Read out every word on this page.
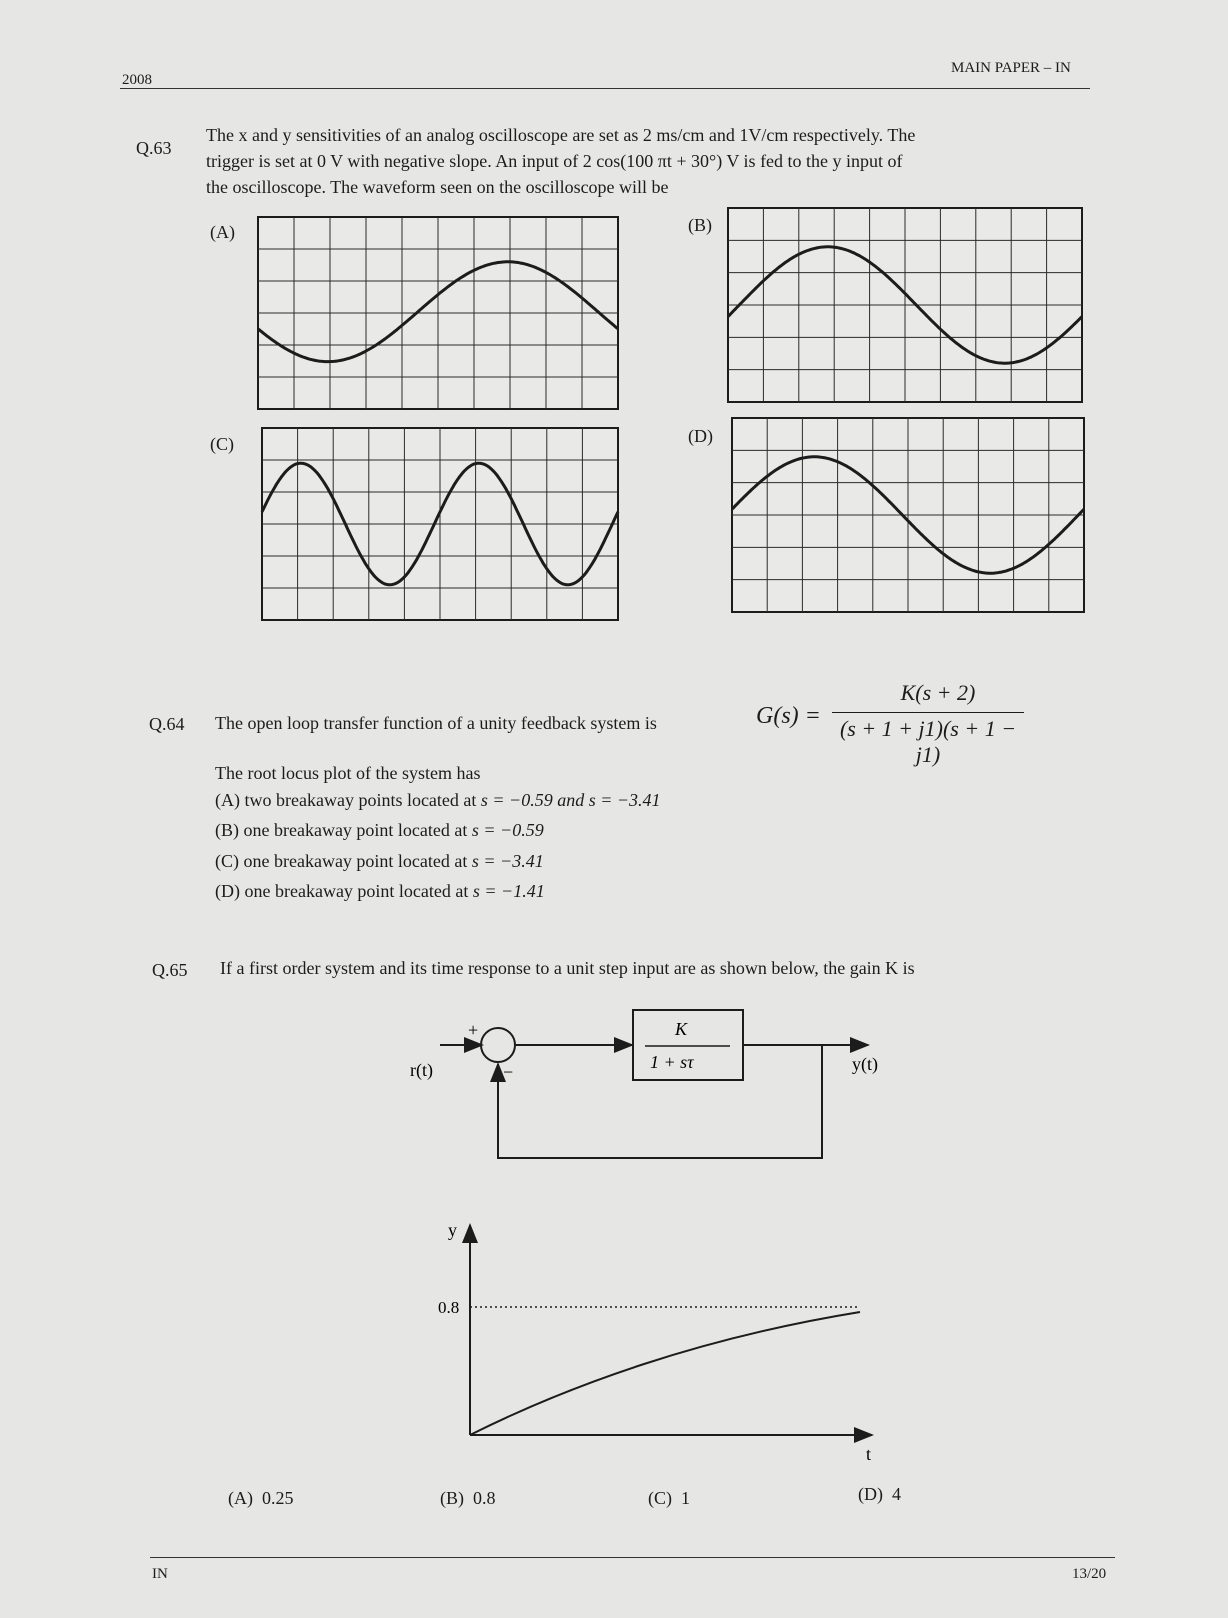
2008
MAIN PAPER – IN
Q.63
The x and y sensitivities of an analog oscilloscope are set as 2 ms/cm and 1V/cm respectively. The
trigger is set at 0 V with negative slope. An input of 2 cos(100 πt + 30°) V is fed to the y input of
the oscilloscope. The waveform seen on the oscilloscope will be
(A)	(B)
(C)	(D)
Q.64 The open loop transfer function of a unity feedback system is	G(s) =
K(s + 2)
(s + 1 + j1)(s + 1 − j1)
The root locus plot of the system has
(A) two breakaway points located at s = −0.59 and s = −3.41
(B) one breakaway point located at s = −0.59
(C) one breakaway point located at s = −3.41
(D) one breakaway point located at s = −1.41
Q.65 If a first order system and its time response to a unit step input are as shown below, the gain K is
+
−
K
1 + sτ
r(t)	y(t)
y
t
0.8
(A) 0.25	(B) 0.8	(C) 1	(D) 4
IN	13/20
